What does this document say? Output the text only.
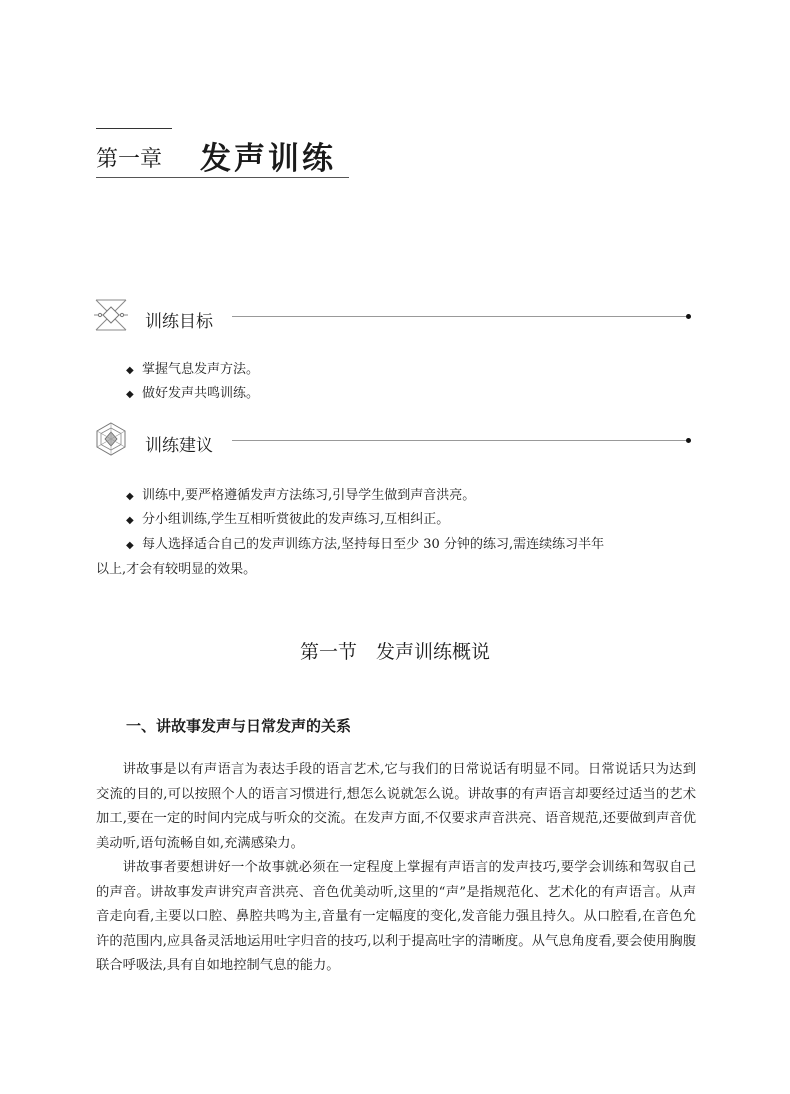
第一章 发声训练
训练目标
◆ 掌握气息发声方法。
◆ 做好发声共鸣训练。
训练建议
◆ 训练中,要严格遵循发声方法练习,引导学生做到声音洪亮。
◆ 分小组训练,学生互相听赏彼此的发声练习,互相纠正。
◆ 每人选择适合自己的发声训练方法,坚持每日至少 30 分钟的练习,需连续练习半年
以上,才会有较明显的效果。
第一节　发声训练概说
一、讲故事发声与日常发声的关系

讲故事是以有声语言为表达手段的语言艺术,它与我们的日常说话有明显不同。日常说话只为达到交流的目的,可以按照个人的语言习惯进行,想怎么说就怎么说。讲故事的有声语言却要经过适当的艺术加工,要在一定的时间内完成与听众的交流。在发声方面,不仅要求声音洪亮、语音规范,还要做到声音优美动听,语句流畅自如,充满感染力。

讲故事者要想讲好一个故事就必须在一定程度上掌握有声语言的发声技巧,要学会训练和驾驭自己的声音。讲故事发声讲究声音洪亮、音色优美动听,这里的“声”是指规范化、艺术化的有声语言。从声音走向看,主要以口腔、鼻腔共鸣为主,音量有一定幅度的变化,发音能力强且持久。从口腔看,在音色允许的范围内,应具备灵活地运用吐字归音的技巧,以利于提高吐字的清晰度。从气息角度看,要会使用胸腹联合呼吸法,具有自如地控制气息的能力。
